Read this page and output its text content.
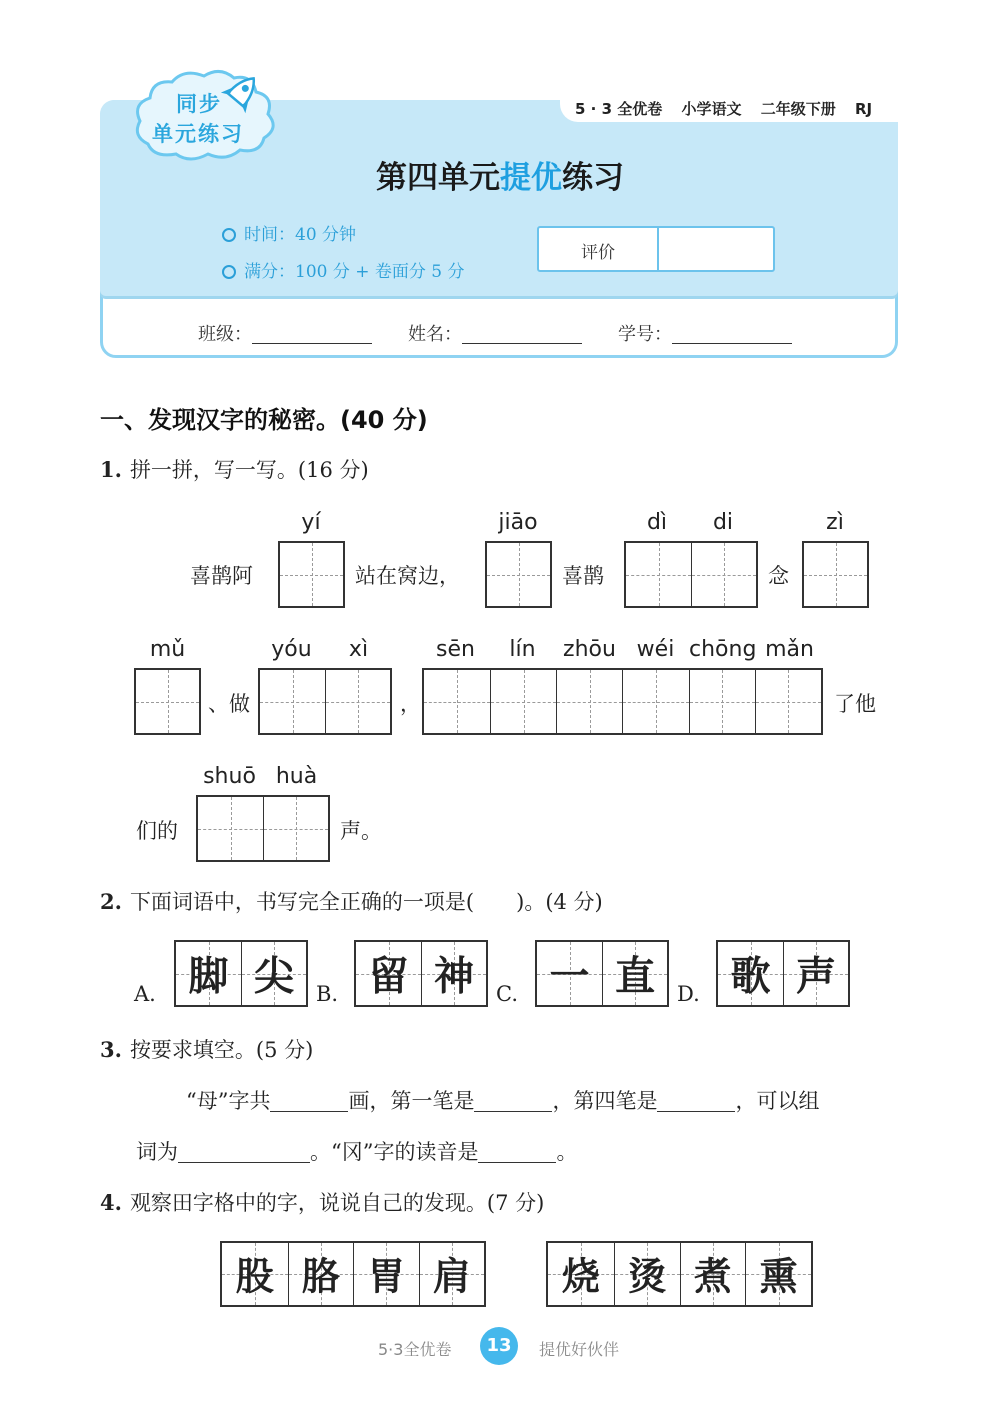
5 · 3 全优卷 小学语文 二年级下册 RJ
同步
单元练习
第四单元提优练习
时间：40 分钟
满分：100 分 + 卷面分 5 分
评价
班级：	姓名：	学号：
一、发现汉字的秘密。(40 分)
1. 拼一拼，写一写。(16 分)
yí	jiāo	dì	di	zì
喜鹊阿	站在窝边，	喜鹊	念
mǔ	yóu	xì	sēn	lín	zhōu wéi chōng mǎn
、做	，	了他
shuō huà
们的	声。
2. 下面词语中，书写完全正确的一项是(　　)。(4 分)
A. 脚 尖	B. 留 神	C. 一 直	D. 歌 声
3. 按要求填空。(5 分)
“母”字共	画，第一笔是	，第四笔是	，可以组
词为	。“冈”字的读音是	。
4. 观察田字格中的字，说说自己的发现。(7 分)
股 胳 胃 肩	烧 烫 煮 熏
5·3全优卷	13	提优好伙伴
